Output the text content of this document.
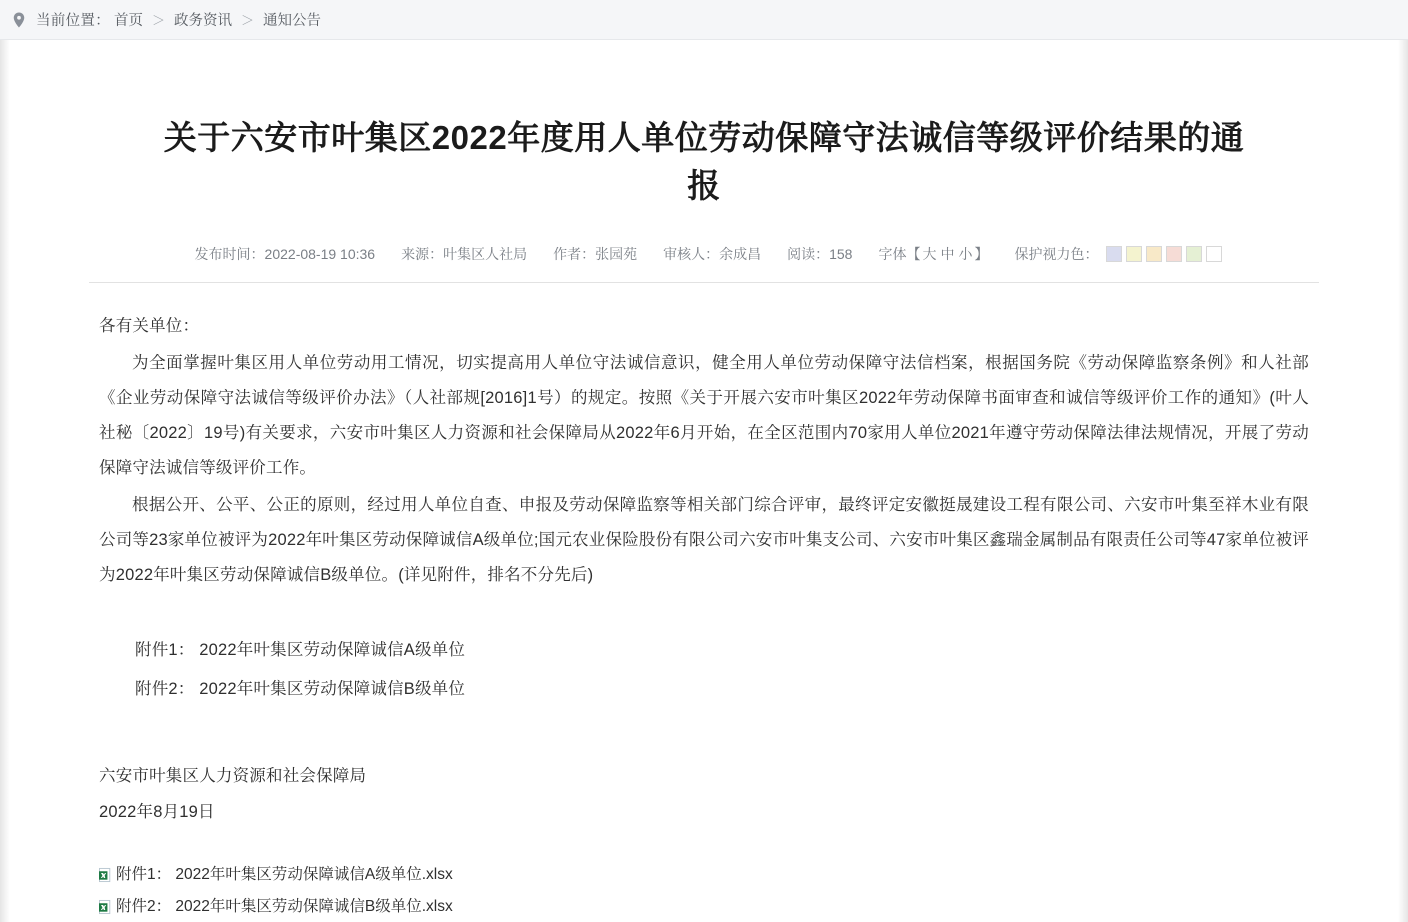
当前位置： 首页 ＞ 政务资讯 ＞ 通知公告
关于六安市叶集区2022年度用人单位劳动保障守法诚信等级评价结果的通报
发布时间：2022-08-19 10:36 来源：叶集区人社局 作者：张园苑 审核人：余成昌 阅读：158 字体【 大 中 小 】 保护视力色：

各有关单位：

为全面掌握叶集区用人单位劳动用工情况，切实提高用人单位守法诚信意识，健全用人单位劳动保障守法信档案，根据国务院《劳动保障监察条例》和人社部《企业劳动保障守法诚信等级评价办法》（人社部规[2016]1号）的规定。按照《关于开展六安市叶集区2022年劳动保障书面审查和诚信等级评价工作的通知》(叶人社秘〔2022〕19号)有关要求，六安市叶集区人力资源和社会保障局从2022年6月开始，在全区范围内70家用人单位2021年遵守劳动保障法律法规情况，开展了劳动保障守法诚信等级评价工作。

根据公开、公平、公正的原则，经过用人单位自查、申报及劳动保障监察等相关部门综合评审，最终评定安徽挺晟建设工程有限公司、六安市叶集至祥木业有限公司等23家单位被评为2022年叶集区劳动保障诚信A级单位;国元农业保险股份有限公司六安市叶集支公司、六安市叶集区鑫瑞金属制品有限责任公司等47家单位被评为2022年叶集区劳动保障诚信B级单位。(详见附件，排名不分先后)

附件1： 2022年叶集区劳动保障诚信A级单位

附件2： 2022年叶集区劳动保障诚信B级单位

六安市叶集区人力资源和社会保障局

2022年8月19日

附件1： 2022年叶集区劳动保障诚信A级单位.xlsx
附件2： 2022年叶集区劳动保障诚信B级单位.xlsx
